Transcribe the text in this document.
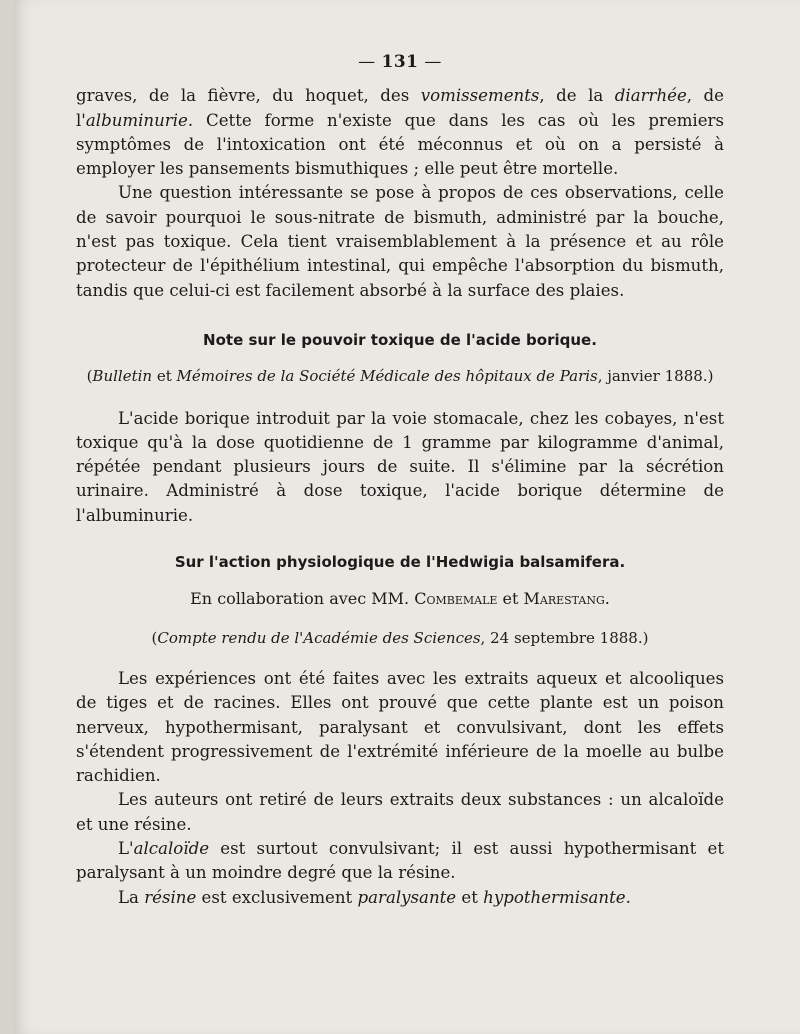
— 131 —

graves, de la fièvre, du hoquet, des vomissements, de la diarrhée, de l'albuminurie. Cette forme n'existe que dans les cas où les premiers symptômes de l'intoxication ont été méconnus et où on a persisté à employer les pansements bismuthiques ; elle peut être mortelle.

Une question intéressante se pose à propos de ces observations, celle de savoir pourquoi le sous-nitrate de bismuth, administré par la bouche, n'est pas toxique. Cela tient vraisemblablement à la présence et au rôle protecteur de l'épithélium intestinal, qui empêche l'absorption du bismuth, tandis que celui-ci est facilement absorbé à la surface des plaies.

Note sur le pouvoir toxique de l'acide borique.
(Bulletin et Mémoires de la Société Médicale des hôpitaux de Paris, janvier 1888.)

L'acide borique introduit par la voie stomacale, chez les cobayes, n'est toxique qu'à la dose quotidienne de 1 gramme par kilogramme d'animal, répétée pendant plusieurs jours de suite. Il s'élimine par la sécrétion urinaire. Administré à dose toxique, l'acide borique détermine de l'albuminurie.

Sur l'action physiologique de l'Hedwigia balsamifera.
En collaboration avec MM. Combemale et Marestang.
(Compte rendu de l'Académie des Sciences, 24 septembre 1888.)

Les expériences ont été faites avec les extraits aqueux et alcooliques de tiges et de racines. Elles ont prouvé que cette plante est un poison nerveux, hypothermisant, paralysant et convulsivant, dont les effets s'étendent progressivement de l'extrémité inférieure de la moelle au bulbe rachidien.

Les auteurs ont retiré de leurs extraits deux substances : un alcaloïde et une résine.

L'alcaloïde est surtout convulsivant; il est aussi hypothermisant et paralysant à un moindre degré que la résine.

La résine est exclusivement paralysante et hypothermisante.
